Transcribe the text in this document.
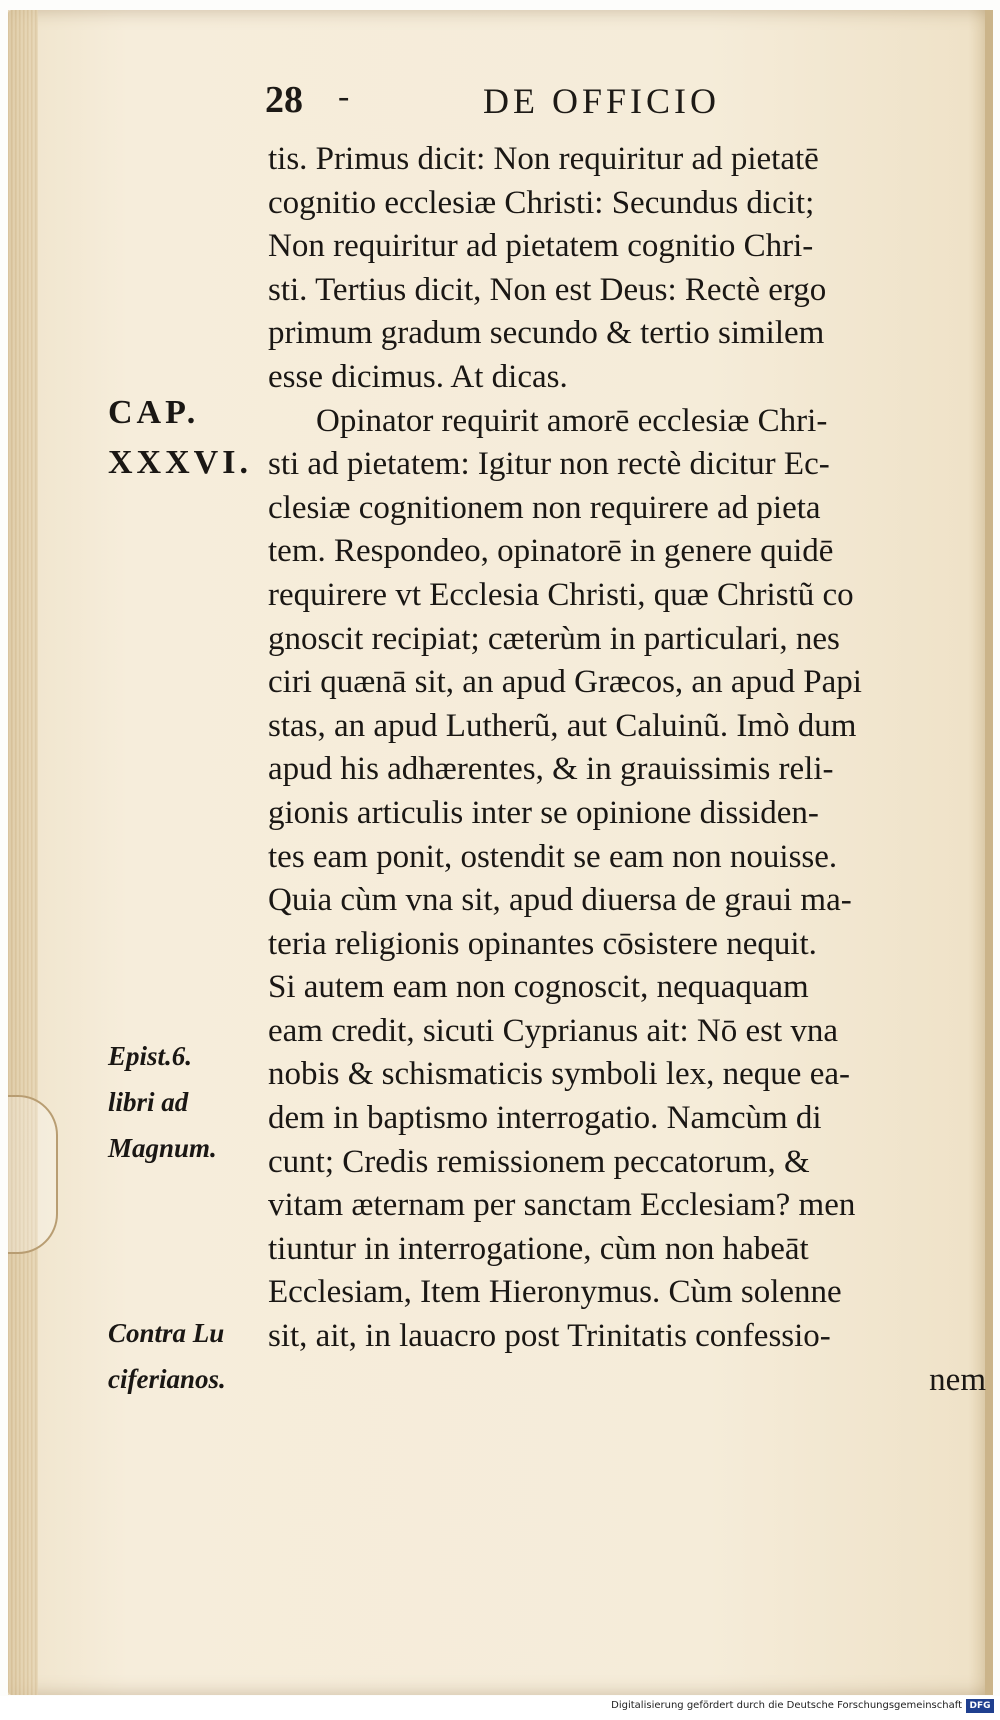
28 -	DE OFFICIO
tis. Primus dicit: Non requiritur ad pietatē
cognitio ecclesiæ Christi: Secundus dicit;
Non requiritur ad pietatem cognitio Chri-
sti. Tertius dicit, Non est Deus: Rectè ergo
primum gradum secundo & tertio similem
esse dicimus. At dicas.
Opinator requirit amorē ecclesiæ Chri-
sti ad pietatem: Igitur non rectè dicitur Ec-
clesiæ cognitionem non requirere ad pieta
tem. Respondeo, opinatorē in genere quidē
requirere vt Ecclesia Christi, quæ Christũ co
gnoscit recipiat; cæterùm in particulari, nes
ciri quænā sit, an apud Græcos, an apud Papi
stas, an apud Lutherũ, aut Caluinũ. Imò dum
apud his adhærentes, & in grauissimis reli-
gionis articulis inter se opinione dissiden-
tes eam ponit, ostendit se eam non nouisse.
Quia cùm vna sit, apud diuersa de graui ma-
teria religionis opinantes cōsistere nequit.
Si autem eam non cognoscit, nequaquam
eam credit, sicuti Cyprianus ait: Nō est vna
nobis & schismaticis symboli lex, neque ea-
dem in baptismo interrogatio. Namcùm di
cunt; Credis remissionem peccatorum, &
vitam æternam per sanctam Ecclesiam? men
tiuntur in interrogatione, cùm non habeāt
Ecclesiam, Item Hieronymus. Cùm solenne
sit, ait, in lauacro post Trinitatis confessio-
nem
CAP.
XXXVI.
Epist.6.
libri ad
Magnum.
Contra Lu
ciferianos.
Digitalisierung gefördert durch die Deutsche Forschungsgemeinschaft DFG
